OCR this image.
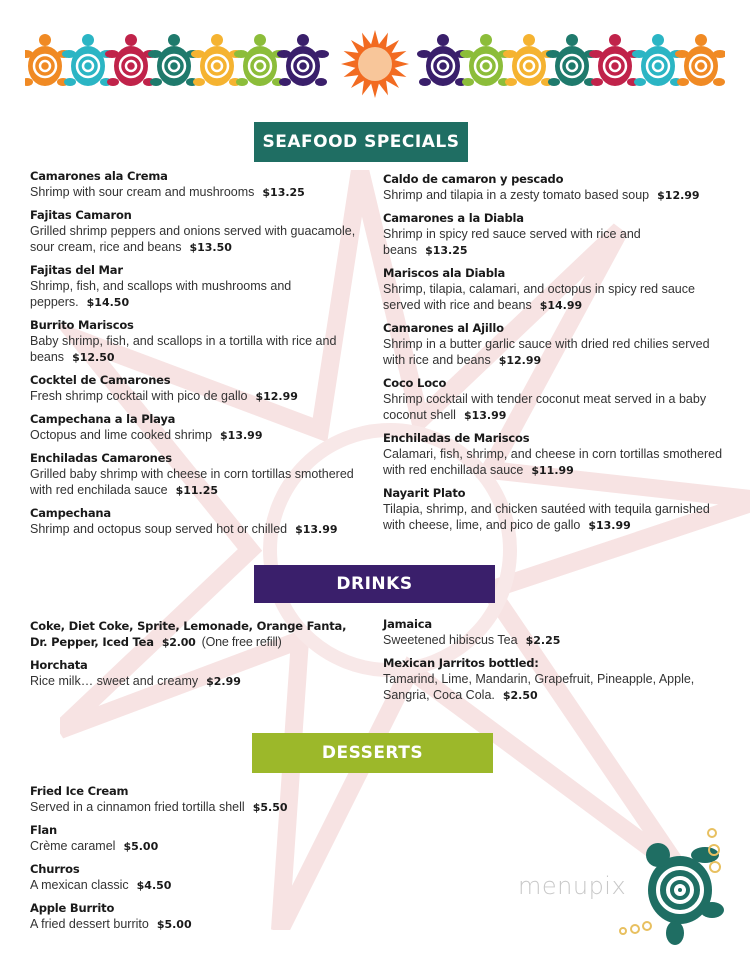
SEAFOOD SPECIALS
Camarones ala Crema
Shrimp with sour cream and mushrooms $13.25
Fajitas Camaron
Grilled shrimp peppers and onions served with guacamole, sour cream, rice and beans $13.50
Fajitas del Mar
Shrimp, fish, and scallops with mushrooms and peppers. $14.50
Burrito Mariscos
Baby shrimp, fish, and scallops in a tortilla with rice and beans $12.50
Cocktel de Camarones
Fresh shrimp cocktail with pico de gallo $12.99
Campechana a la Playa
Octopus and lime cooked shrimp $13.99
Enchiladas Camarones
Grilled baby shrimp with cheese in corn tortillas smothered with red enchilada sauce $11.25
Campechana
Shrimp and octopus soup served hot or chilled $13.99
Caldo de camaron y pescado
Shrimp and tilapia in a zesty tomato based soup $12.99
Camarones a la Diabla
Shrimp in spicy red sauce served with rice and beans $13.25
Mariscos ala Diabla
Shrimp, tilapia, calamari, and octopus in spicy red sauce served with rice and beans $14.99
Camarones al Ajillo
Shrimp in a butter garlic sauce with dried red chilies served with rice and beans $12.99
Coco Loco
Shrimp cocktail with tender coconut meat served in a baby coconut shell $13.99
Enchiladas de Mariscos
Calamari, fish, shrimp, and cheese in corn tortillas smothered with red enchillada sauce $11.99
Nayarit Plato
Tilapia, shrimp, and chicken sautéed with tequila garnished with cheese, lime, and pico de gallo $13.99
DRINKS
Coke, Diet Coke, Sprite, Lemonade, Orange Fanta, Dr. Pepper, Iced Tea $2.00 (One free refill)
Horchata
Rice milk… sweet and creamy $2.99
Jamaica
Sweetened hibiscus Tea $2.25
Mexican Jarritos bottled:
Tamarind, Lime, Mandarin, Grapefruit, Pineapple, Apple, Sangria, Coca Cola. $2.50
DESSERTS
Fried Ice Cream
Served in a cinnamon fried tortilla shell $5.50
Flan
Crème caramel $5.00
Churros
A mexican classic $4.50
Apple Burrito
A fried dessert burrito $5.00
menupix
